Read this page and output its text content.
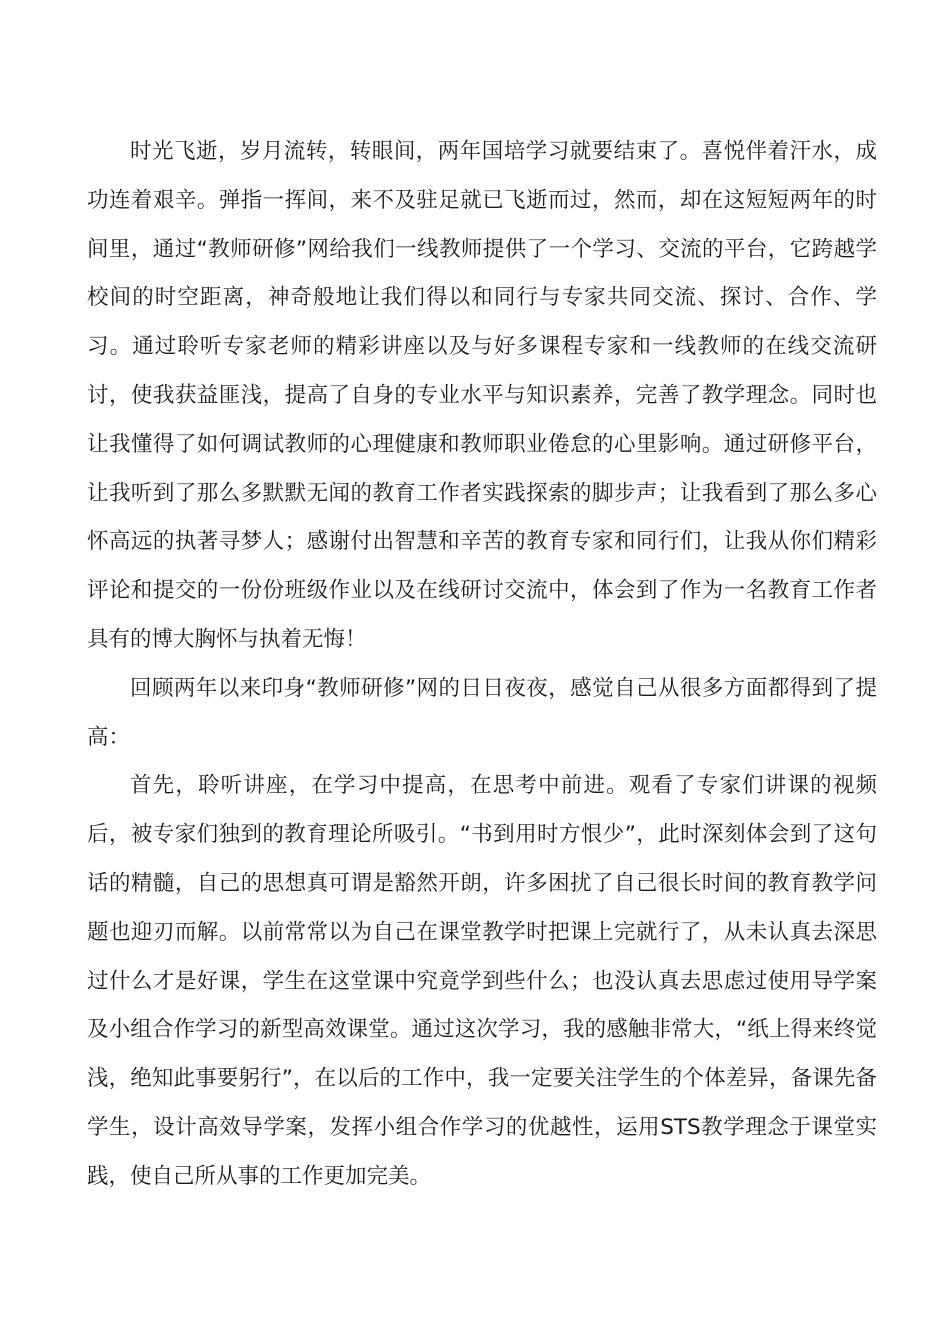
时光飞逝，岁月流转，转眼间，两年国培学习就要结束了。喜悦伴着汗水，成功连着艰辛。弹指一挥间，来不及驻足就已飞逝而过，然而，却在这短短两年的时间里，通过“教师研修”网给我们一线教师提供了一个学习、交流的平台，它跨越学校间的时空距离，神奇般地让我们得以和同行与专家共同交流、探讨、合作、学习。通过聆听专家老师的精彩讲座以及与好多课程专家和一线教师的在线交流研讨，使我获益匪浅，提高了自身的专业水平与知识素养，完善了教学理念。同时也让我懂得了如何调试教师的心理健康和教师职业倦怠的心里影响。通过研修平台，让我听到了那么多默默无闻的教育工作者实践探索的脚步声；让我看到了那么多心怀高远的执著寻梦人；感谢付出智慧和辛苦的教育专家和同行们，让我从你们精彩评论和提交的一份份班级作业以及在线研讨交流中，体会到了作为一名教育工作者具有的博大胸怀与执着无悔！

回顾两年以来印身“教师研修”网的日日夜夜，感觉自己从很多方面都得到了提高：

首先，聆听讲座，在学习中提高，在思考中前进。观看了专家们讲课的视频后，被专家们独到的教育理论所吸引。“书到用时方恨少”，此时深刻体会到了这句话的精髓，自己的思想真可谓是豁然开朗，许多困扰了自己很长时间的教育教学问题也迎刃而解。以前常常以为自己在课堂教学时把课上完就行了，从未认真去深思过什么才是好课，学生在这堂课中究竟学到些什么；也没认真去思虑过使用导学案及小组合作学习的新型高效课堂。通过这次学习，我的感触非常大，“纸上得来终觉浅，绝知此事要躬行”，在以后的工作中，我一定要关注学生的个体差异，备课先备学生，设计高效导学案，发挥小组合作学习的优越性，运用STS教学理念于课堂实践，使自己所从事的工作更加完美。
